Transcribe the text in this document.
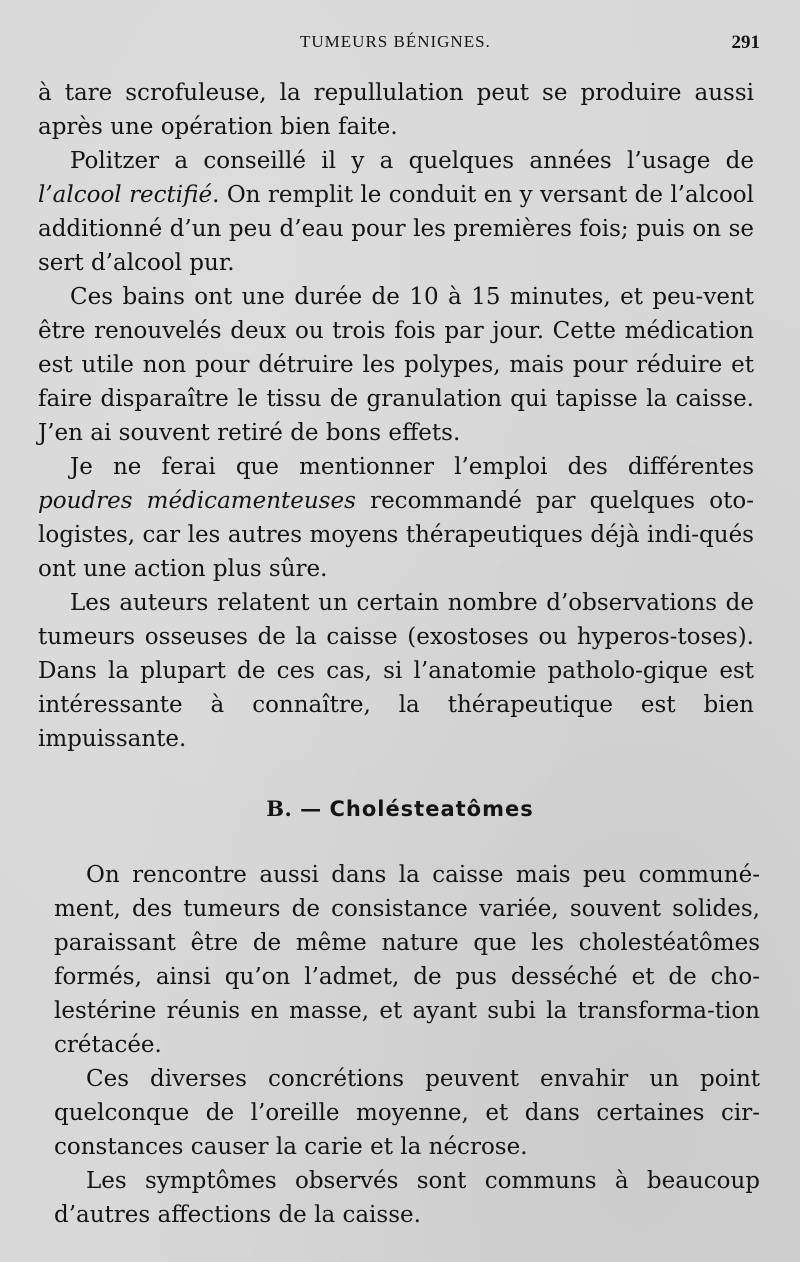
TUMEURS BÉNIGNES.	291

à tare scrofuleuse, la repullulation peut se produire aussi après une opération bien faite.

Politzer a conseillé il y a quelques années l’usage de l’alcool rectifié. On remplit le conduit en y versant de l’alcool additionné d’un peu d’eau pour les premières fois; puis on se sert d’alcool pur.

Ces bains ont une durée de 10 à 15 minutes, et peu-vent être renouvelés deux ou trois fois par jour. Cette médication est utile non pour détruire les polypes, mais pour réduire et faire disparaître le tissu de granulation qui tapisse la caisse. J’en ai souvent retiré de bons effets.

Je ne ferai que mentionner l’emploi des différentes poudres médicamenteuses recommandé par quelques oto-logistes, car les autres moyens thérapeutiques déjà indi-qués ont une action plus sûre.

Les auteurs relatent un certain nombre d’observations de tumeurs osseuses de la caisse (exostoses ou hyperos-toses). Dans la plupart de ces cas, si l’anatomie patholo-gique est intéressante à connaître, la thérapeutique est bien impuissante.

B. — Cholésteatômes

On rencontre aussi dans la caisse mais peu communé-ment, des tumeurs de consistance variée, souvent solides, paraissant être de même nature que les cholestéatômes formés, ainsi qu’on l’admet, de pus desséché et de cho-lestérine réunis en masse, et ayant subi la transforma-tion crétacée.

Ces diverses concrétions peuvent envahir un point quelconque de l’oreille moyenne, et dans certaines cir-constances causer la carie et la nécrose.

Les symptômes observés sont communs à beaucoup d’autres affections de la caisse.
